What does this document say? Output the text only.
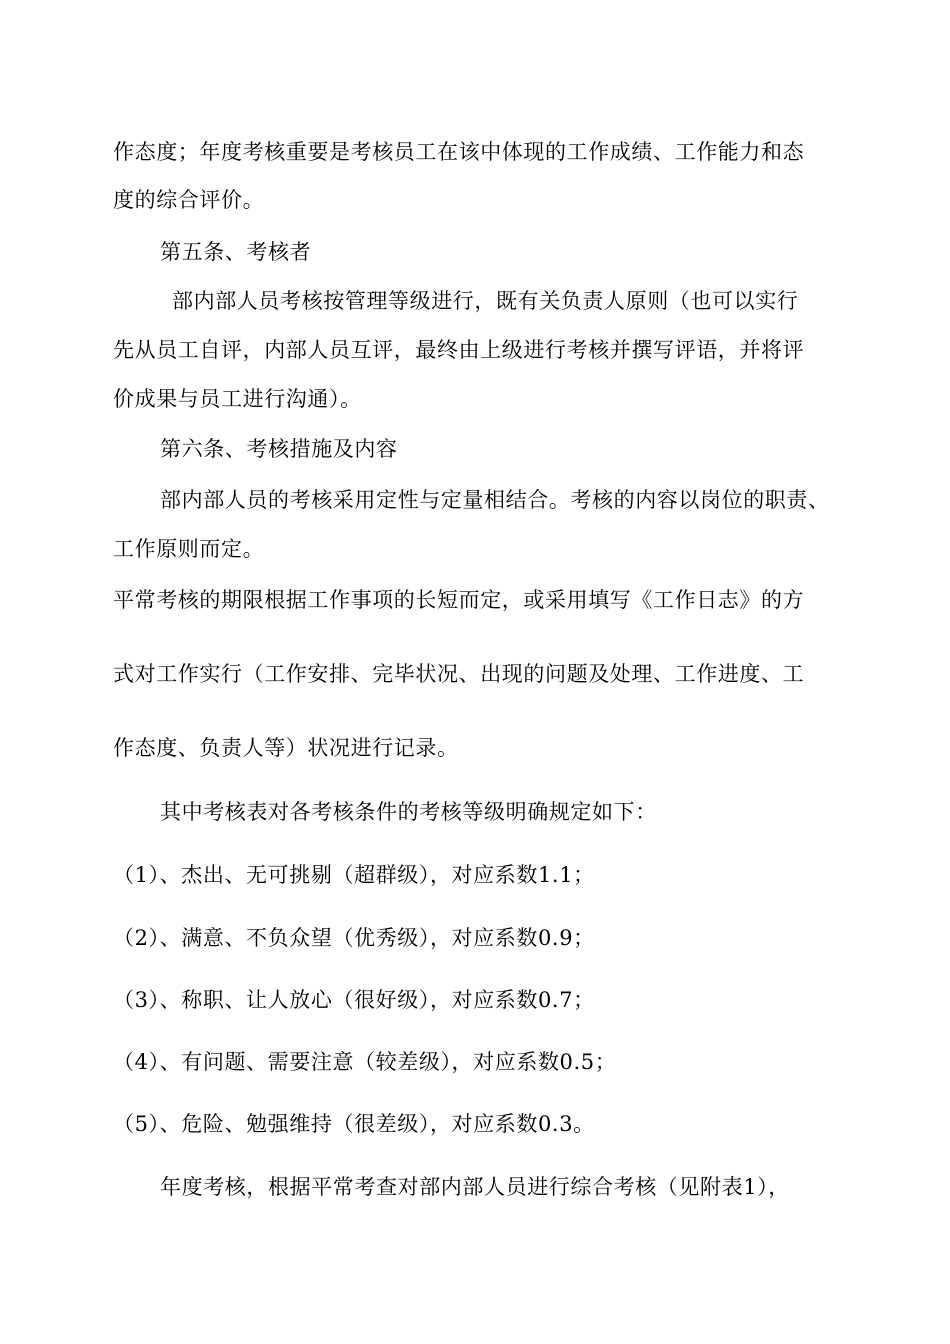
作态度；年度考核重要是考核员工在该中体现的工作成绩、工作能力和态
度的综合评价。
第五条、考核者
部内部人员考核按管理等级进行，既有关负责人原则（也可以实行
先从员工自评，内部人员互评，最终由上级进行考核并撰写评语，并将评
价成果与员工进行沟通）。
第六条、考核措施及内容
部内部人员的考核采用定性与定量相结合。考核的内容以岗位的职责、
工作原则而定。
平常考核的期限根据工作事项的长短而定，或采用填写《工作日志》的方
式对工作实行（工作安排、完毕状况、出现的问题及处理、工作进度、工
作态度、负责人等）状况进行记录。
其中考核表对各考核条件的考核等级明确规定如下：
（1）、杰出、无可挑剔（超群级），对应系数1.1；
（2）、满意、不负众望（优秀级），对应系数0.9；
（3）、称职、让人放心（很好级），对应系数0.7；
（4）、有问题、需要注意（较差级），对应系数0.5；
（5）、危险、勉强维持（很差级），对应系数0.3。
年度考核，根据平常考查对部内部人员进行综合考核（见附表1），
